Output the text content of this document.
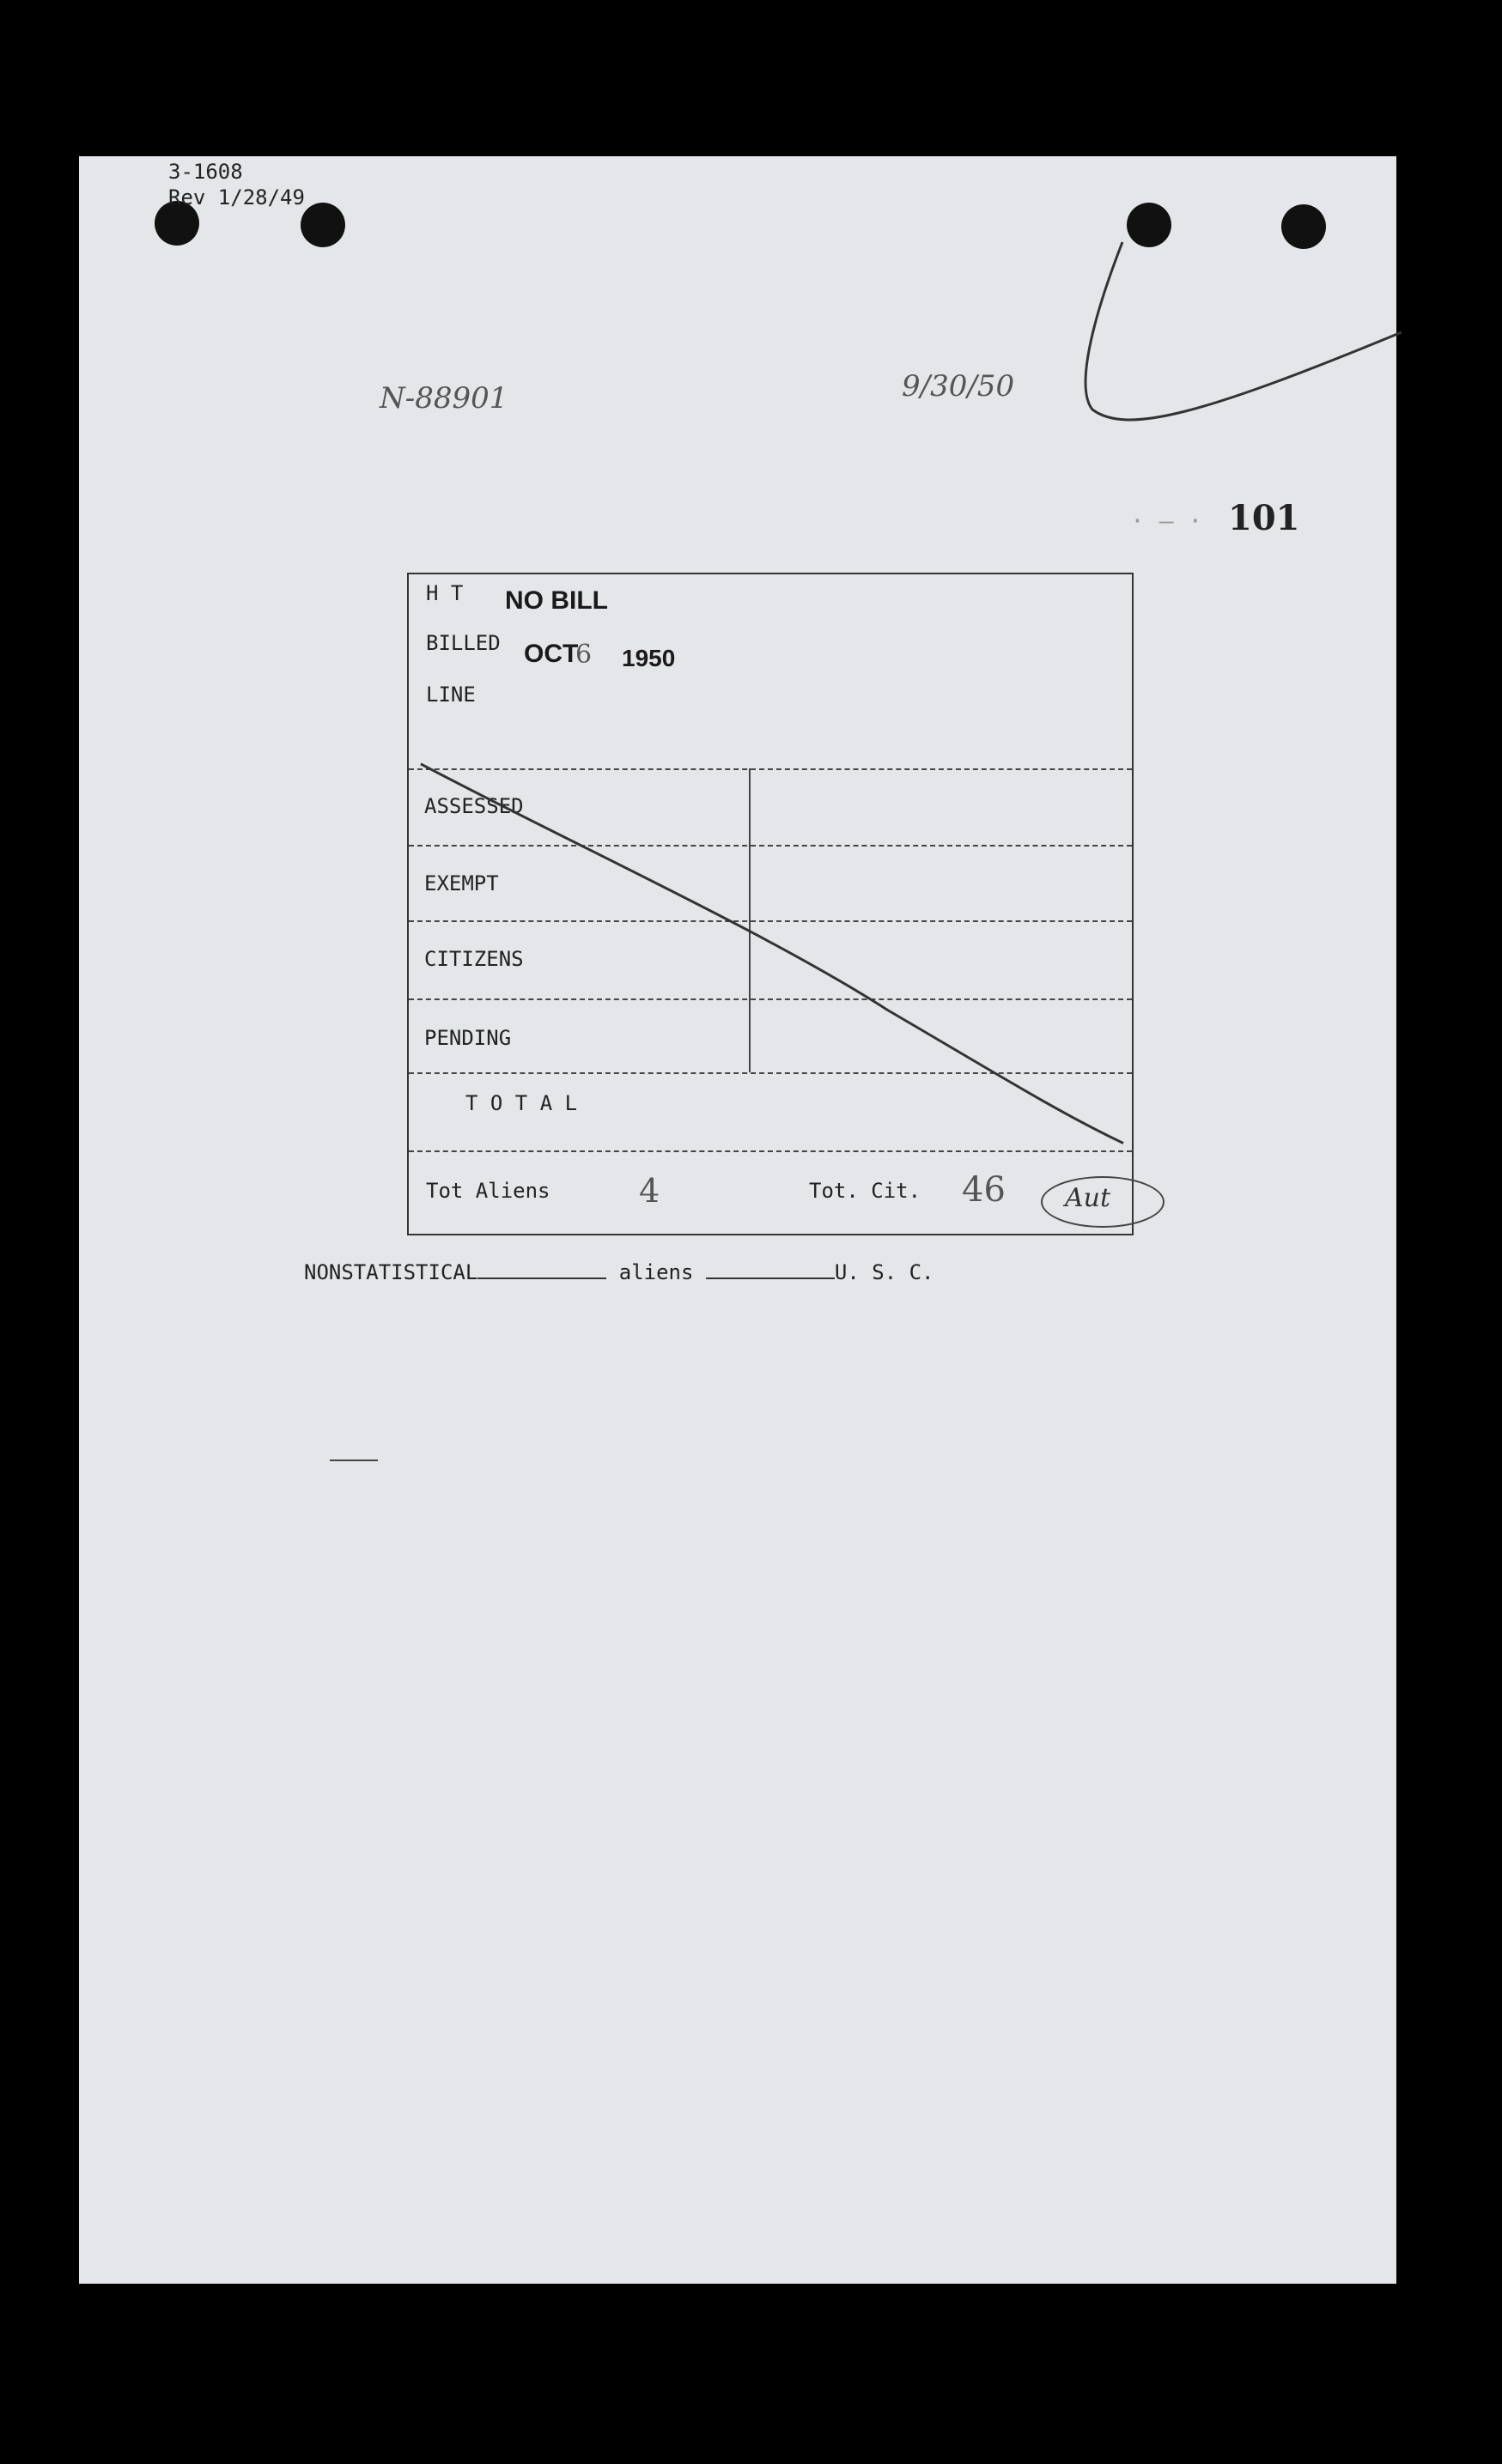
3-1608
Rev 1/28/49
N-88901	9/30/50
101
· — ·
H T NO BILL
BILLED OCT
6 1950
LINE
ASSESSED
EXEMPT
CITIZENS
PENDING
T O T A L
Tot Aliens	4	Tot. Cit. 46 Aut
NONSTATISTICAL	aliens	U. S. C.
